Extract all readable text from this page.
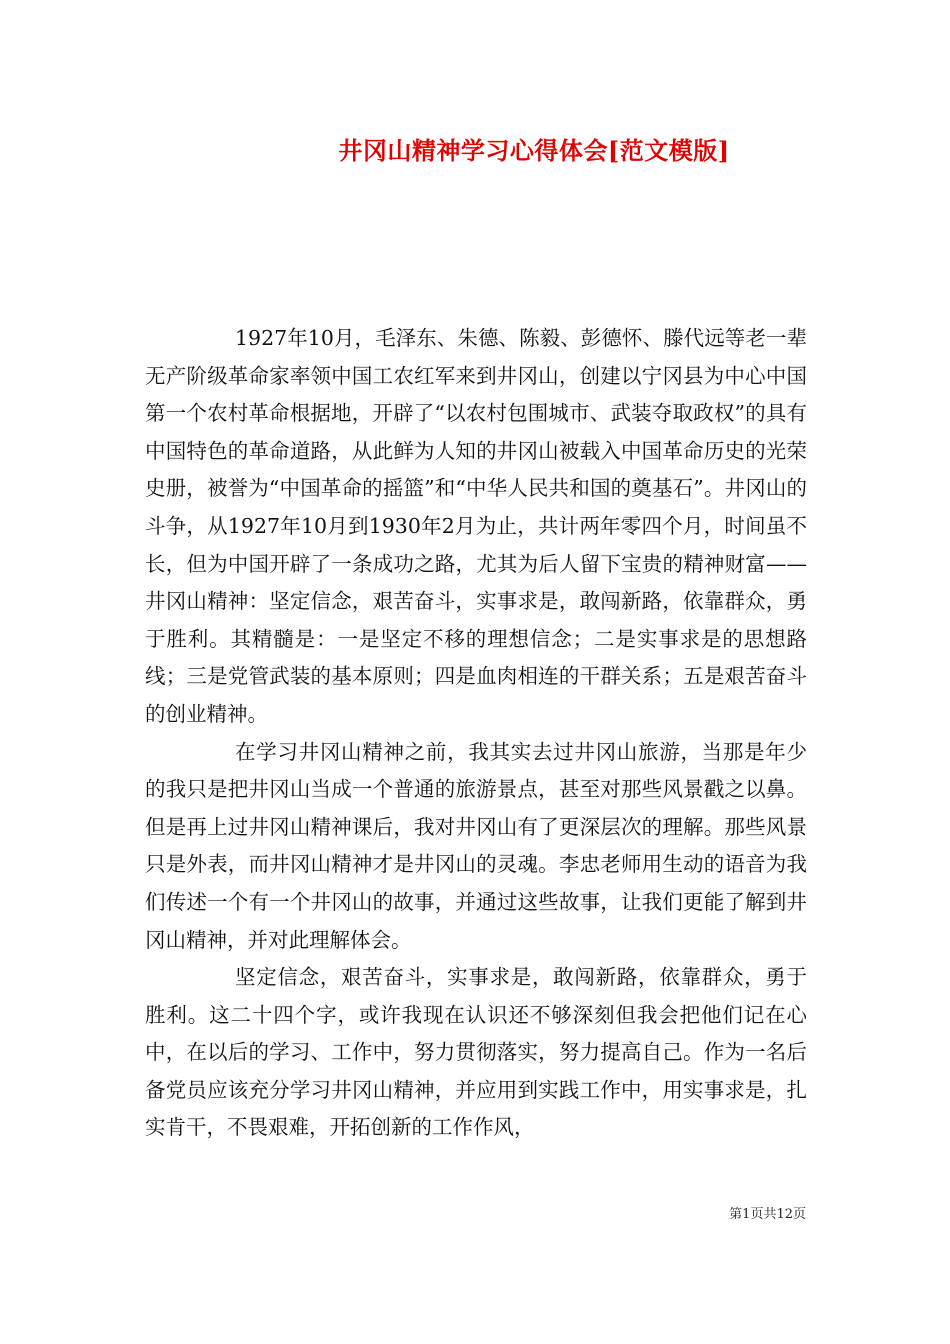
井冈山精神学习心得体会[范文模版]

1927年10月，毛泽东、朱德、陈毅、彭德怀、滕代远等老一辈无产阶级革命家率领中国工农红军来到井冈山，创建以宁冈县为中心中国第一个农村革命根据地，开辟了“以农村包围城市、武装夺取政权”的具有中国特色的革命道路，从此鲜为人知的井冈山被载入中国革命历史的光荣史册，被誉为“中国革命的摇篮”和“中华人民共和国的奠基石”。井冈山的斗争，从1927年10月到1930年2月为止，共计两年零四个月，时间虽不长，但为中国开辟了一条成功之路，尤其为后人留下宝贵的精神财富——井冈山精神：坚定信念，艰苦奋斗，实事求是，敢闯新路，依靠群众，勇于胜利。其精髓是：一是坚定不移的理想信念；二是实事求是的思想路线；三是党管武装的基本原则；四是血肉相连的干群关系；五是艰苦奋斗的创业精神。

在学习井冈山精神之前，我其实去过井冈山旅游，当那是年少的我只是把井冈山当成一个普通的旅游景点，甚至对那些风景戳之以鼻。但是再上过井冈山精神课后，我对井冈山有了更深层次的理解。那些风景只是外表，而井冈山精神才是井冈山的灵魂。李忠老师用生动的语音为我们传述一个有一个井冈山的故事，并通过这些故事，让我们更能了解到井冈山精神，并对此理解体会。

坚定信念，艰苦奋斗，实事求是，敢闯新路，依靠群众，勇于胜利。这二十四个字，或许我现在认识还不够深刻但我会把他们记在心中，在以后的学习、工作中，努力贯彻落实，努力提高自己。作为一名后备党员应该充分学习井冈山精神，并应用到实践工作中，用实事求是，扎实肯干，不畏艰难，开拓创新的工作作风，

第1页共12页
